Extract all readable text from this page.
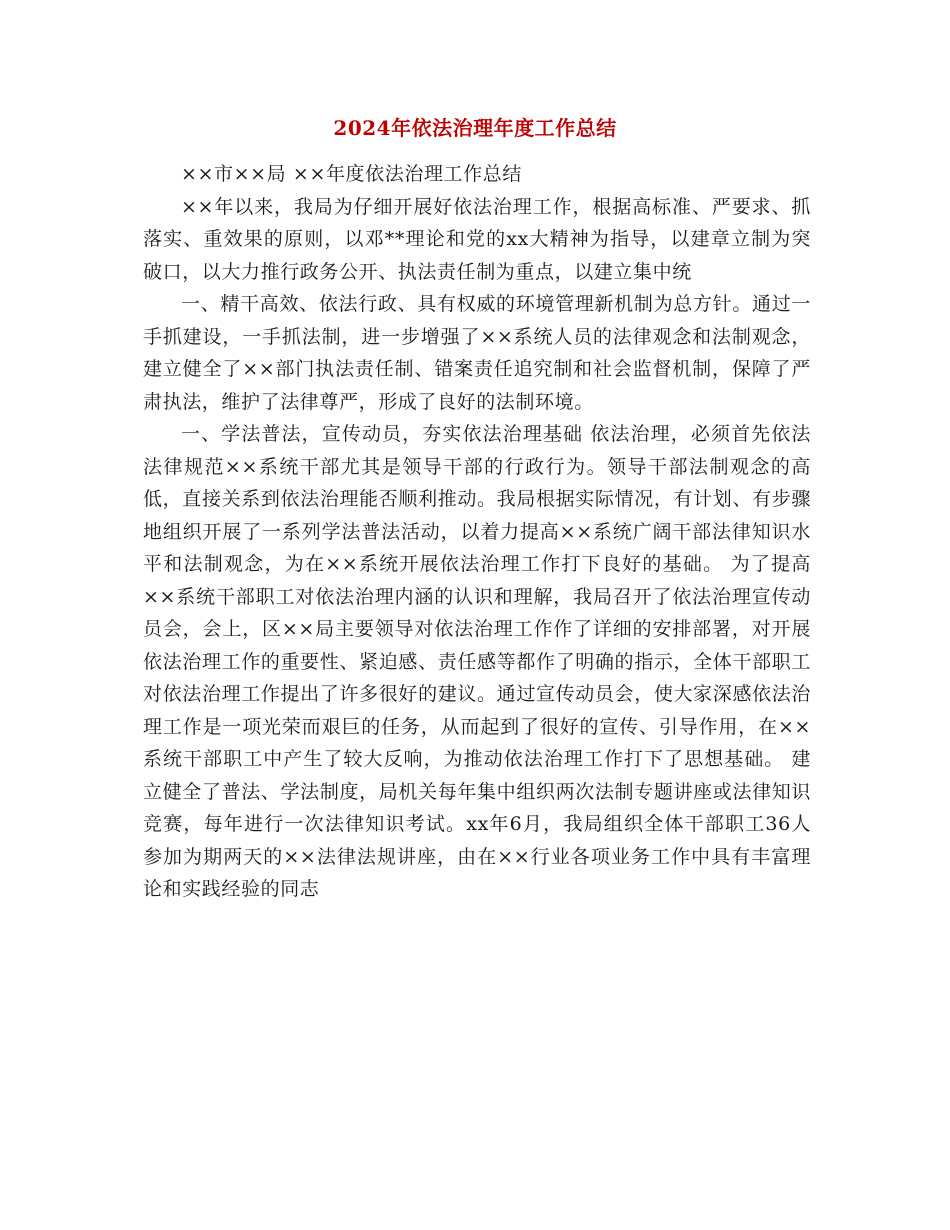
2024年依法治理年度工作总结

××市××局 ××年度依法治理工作总结

××年以来，我局为仔细开展好依法治理工作，根据高标准、严要求、抓落实、重效果的原则，以邓**理论和党的xx大精神为指导，以建章立制为突破口，以大力推行政务公开、执法责任制为重点，以建立集中统

一、精干高效、依法行政、具有权威的环境管理新机制为总方针。通过一手抓建设，一手抓法制，进一步增强了××系统人员的法律观念和法制观念，建立健全了××部门执法责任制、错案责任追究制和社会监督机制，保障了严肃执法，维护了法律尊严，形成了良好的法制环境。

一、学法普法，宣传动员，夯实依法治理基础 依法治理，必须首先依法法律规范××系统干部尤其是领导干部的行政行为。领导干部法制观念的高低，直接关系到依法治理能否顺利推动。我局根据实际情况，有计划、有步骤地组织开展了一系列学法普法活动，以着力提高××系统广阔干部法律知识水平和法制观念，为在××系统开展依法治理工作打下良好的基础。 为了提高××系统干部职工对依法治理内涵的认识和理解，我局召开了依法治理宣传动员会，会上，区××局主要领导对依法治理工作作了详细的安排部署，对开展依法治理工作的重要性、紧迫感、责任感等都作了明确的指示，全体干部职工对依法治理工作提出了许多很好的建议。通过宣传动员会，使大家深感依法治理工作是一项光荣而艰巨的任务，从而起到了很好的宣传、引导作用，在××系统干部职工中产生了较大反响，为推动依法治理工作打下了思想基础。 建立健全了普法、学法制度，局机关每年集中组织两次法制专题讲座或法律知识竞赛，每年进行一次法律知识考试。xx年6月，我局组织全体干部职工36人参加为期两天的××法律法规讲座，由在××行业各项业务工作中具有丰富理论和实践经验的同志
